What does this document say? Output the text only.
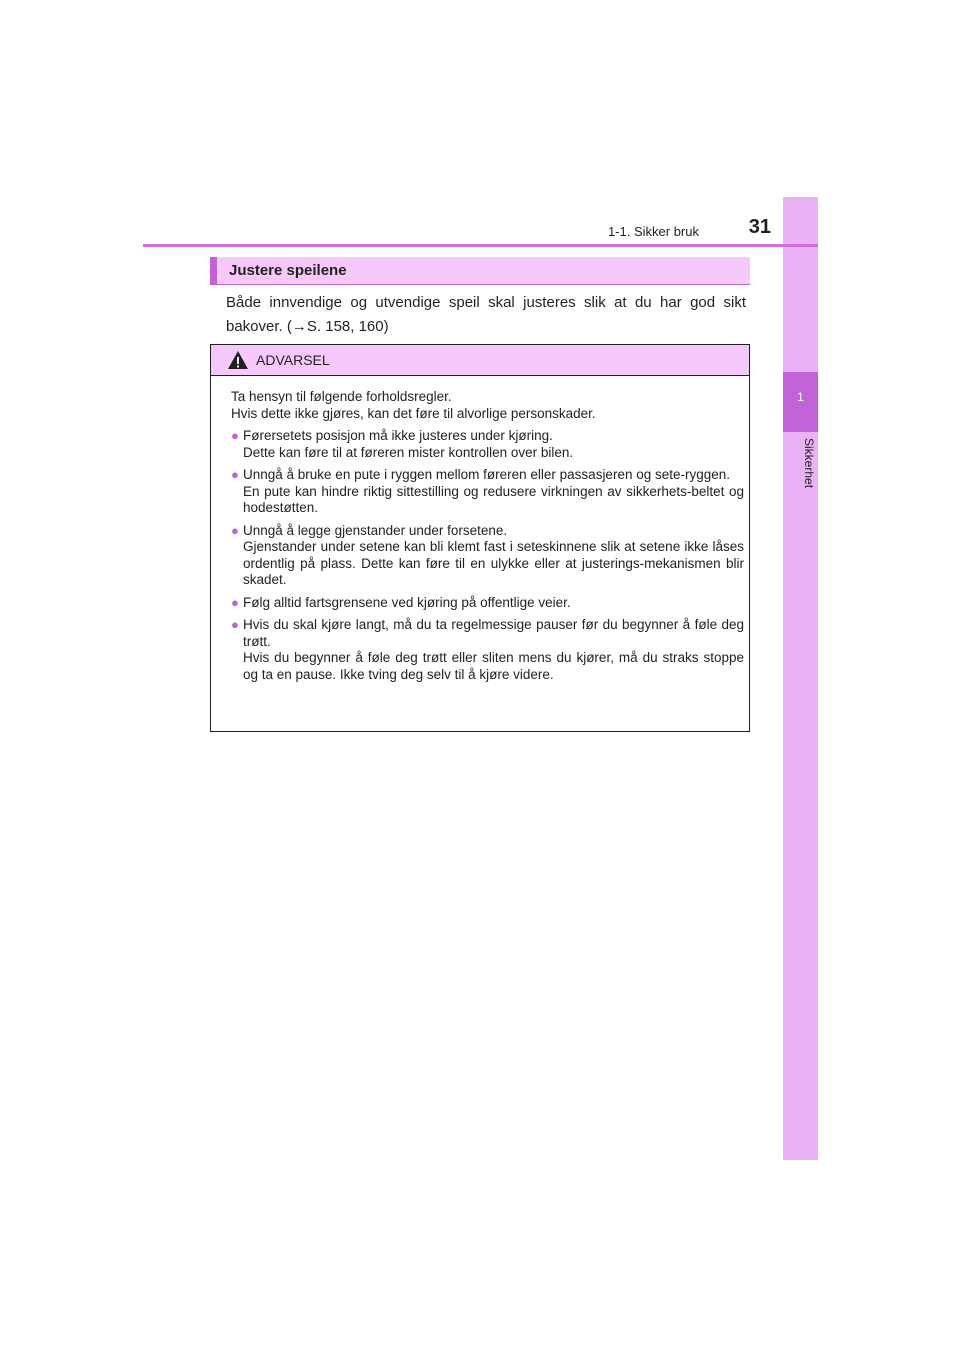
1
Sikkerhet
1-1. Sikker bruk 31
Justere speilene
Både innvendige og utvendige speil skal justeres slik at du har god sikt bakover. (→S. 158, 160)
ADVARSEL

Ta hensyn til følgende forholdsregler.

Hvis dette ikke gjøres, kan det føre til alvorlige personskader.

● Førersetets posisjon må ikke justeres under kjøring.
Dette kan føre til at føreren mister kontrollen over bilen.

● Unngå å bruke en pute i ryggen mellom føreren eller passasjeren og sete-ryggen.
En pute kan hindre riktig sittestilling og redusere virkningen av sikkerhets-beltet og hodestøtten.

● Unngå å legge gjenstander under forsetene.
Gjenstander under setene kan bli klemt fast i seteskinnene slik at setene ikke låses ordentlig på plass. Dette kan føre til en ulykke eller at justerings-mekanismen blir skadet.

● Følg alltid fartsgrensene ved kjøring på offentlige veier.

● Hvis du skal kjøre langt, må du ta regelmessige pauser før du begynner å føle deg trøtt.
Hvis du begynner å føle deg trøtt eller sliten mens du kjører, må du straks stoppe og ta en pause. Ikke tving deg selv til å kjøre videre.
